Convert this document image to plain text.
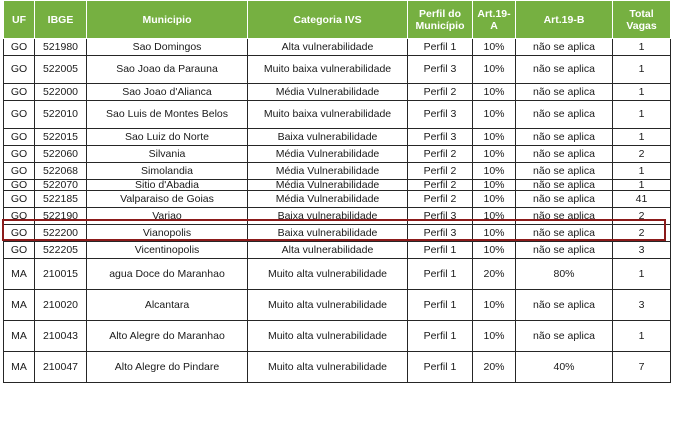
UF	IBGE	Municipio	Categoria IVS	Perfil do Município	Art.19-A	Art.19-B	Total Vagas
GO	521980	Sao Domingos	Alta vulnerabilidade	Perfil 1	10%	não se aplica	1
GO	522005	Sao Joao da Parauna	Muito baixa vulnerabilidade	Perfil 3	10%	não se aplica	1
GO	522000	Sao Joao d'Alianca	Média Vulnerabilidade	Perfil 2	10%	não se aplica	1
GO	522010	Sao Luis de Montes Belos	Muito baixa vulnerabilidade	Perfil 3	10%	não se aplica	1
GO	522015	Sao Luiz do Norte	Baixa vulnerabilidade	Perfil 3	10%	não se aplica	1
GO	522060	Silvania	Média Vulnerabilidade	Perfil 2	10%	não se aplica	2
GO	522068	Simolandia	Média Vulnerabilidade	Perfil 2	10%	não se aplica	1
GO	522070	Sitio d'Abadia	Média Vulnerabilidade	Perfil 2	10%	não se aplica	1
GO	522185	Valparaiso de Goias	Média Vulnerabilidade	Perfil 2	10%	não se aplica	41
GO	522190	Varjao	Baixa vulnerabilidade	Perfil 3	10%	não se aplica	2
GO	522200	Vianopolis	Baixa vulnerabilidade	Perfil 3	10%	não se aplica	2
GO	522205	Vicentinopolis	Alta vulnerabilidade	Perfil 1	10%	não se aplica	3
MA	210015	agua Doce do Maranhao	Muito alta vulnerabilidade	Perfil 1	20%	80%	1
MA	210020	Alcantara	Muito alta vulnerabilidade	Perfil 1	10%	não se aplica	3
MA	210043	Alto Alegre do Maranhao	Muito alta vulnerabilidade	Perfil 1	10%	não se aplica	1
MA	210047	Alto Alegre do Pindare	Muito alta vulnerabilidade	Perfil 1	20%	40%	7
